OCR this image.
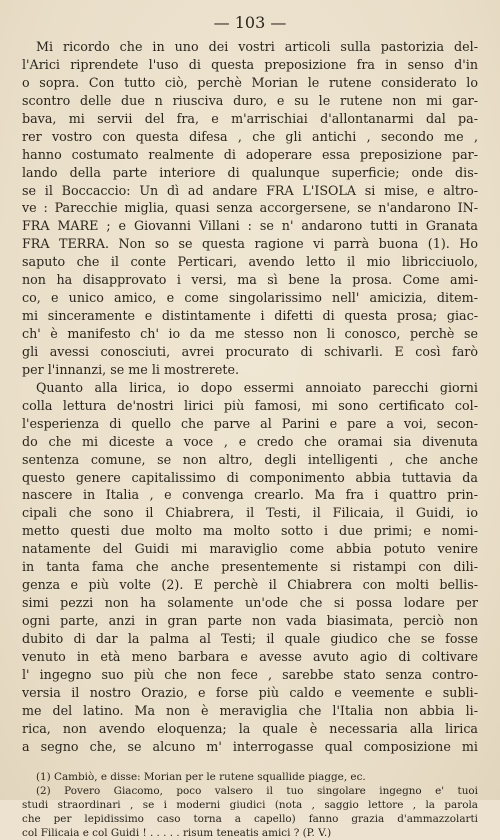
— 103 —
Mi ricordo che in uno dei vostri articoli sulla pastorizia del-
l'Arici riprendete l'uso di questa preposizione fra in senso d'in
o sopra. Con tutto ciò, perchè Morian le rutene considerato lo
scontro delle due n riusciva duro, e su le rutene non mi gar-
bava, mi servii del fra, e m'arrischiai d'allontanarmi dal pa-
rer vostro con questa difesa , che gli antichi , secondo me ,
hanno costumato realmente di adoperare essa preposizione par-
lando della parte interiore di qualunque superficie; onde dis-
se il Boccaccio: Un dì ad andare FRA L'ISOLA si mise, e altro-
ve : Parecchie miglia, quasi senza accorgersene, se n'andarono IN-
FRA MARE ; e Giovanni Villani : se n' andarono tutti in Granata
FRA TERRA. Non so se questa ragione vi parrà buona (1). Ho
saputo che il conte Perticari, avendo letto il mio libricciuolo,
non ha disapprovato i versi, ma sì bene la prosa. Come ami-
co, e unico amico, e come singolarissimo nell' amicizia, ditem-
mi sinceramente e distintamente i difetti di questa prosa; giac-
ch' è manifesto ch' io da me stesso non li conosco, perchè se
gli avessi conosciuti, avrei procurato di schivarli. E così farò
per l'innanzi, se me li mostrerete.
Quanto alla lirica, io dopo essermi annoiato parecchi giorni
colla lettura de'nostri lirici più famosi, mi sono certificato col-
l'esperienza di quello che parve al Parini e pare a voi, secon-
do che mi diceste a voce , e credo che oramai sia divenuta
sentenza comune, se non altro, degli intelligenti , che anche
questo genere capitalissimo di componimento abbia tuttavia da
nascere in Italia , e convenga crearlo. Ma fra i quattro prin-
cipali che sono il Chiabrera, il Testi, il Filicaia, il Guidi, io
metto questi due molto ma molto sotto i due primi; e nomi-
natamente del Guidi mi maraviglio come abbia potuto venire
in tanta fama che anche presentemente si ristampi con dili-
genza e più volte (2). E perchè il Chiabrera con molti bellis-
simi pezzi non ha solamente un'ode che si possa lodare per
ogni parte, anzi in gran parte non vada biasimata, perciò non
dubito di dar la palma al Testi; il quale giudico che se fosse
venuto in età meno barbara e avesse avuto agio di coltivare
l' ingegno suo più che non fece , sarebbe stato senza contro-
versia il nostro Orazio, e forse più caldo e veemente e subli-
me del latino. Ma non è meraviglia che l'Italia non abbia li-
rica, non avendo eloquenza; la quale è necessaria alla lirica
a segno che, se alcuno m' interrogasse qual composizione mi
(1) Cambiò, e disse: Morian per le rutene squallide piagge, ec.
(2) Povero Giacomo, poco valsero il tuo singolare ingegno e' tuoi
studi straordinari , se i moderni giudici (nota , saggio lettore , la parola
che per lepidissimo caso torna a capello) fanno grazia d'ammazzolarti
col Filicaia e col Guidi ! . . . . . risum teneatis amici ? (P. V.)
